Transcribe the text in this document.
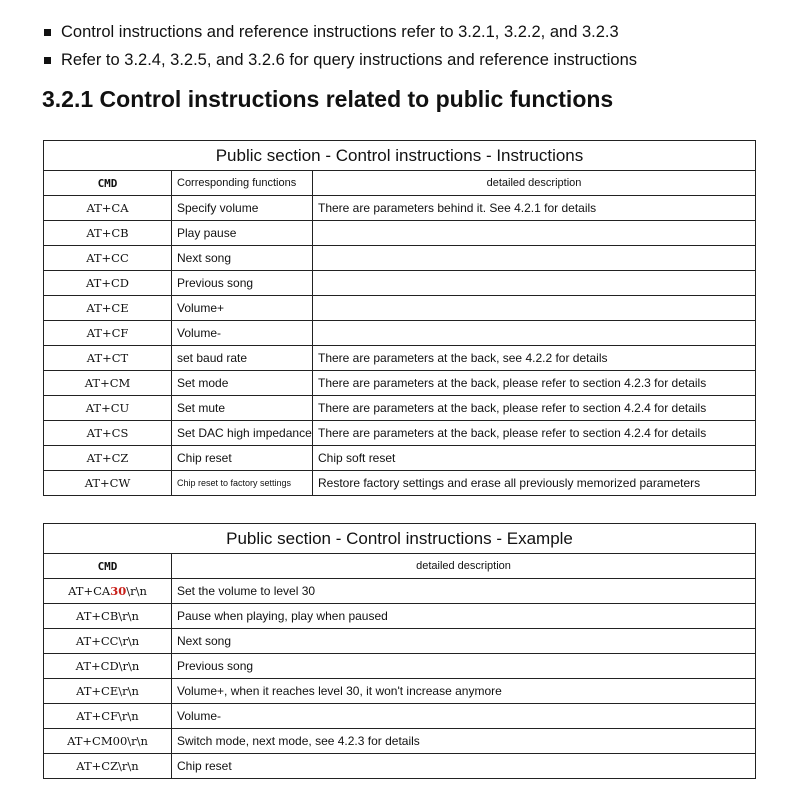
Control instructions and reference instructions refer to 3.2.1, 3.2.2, and 3.2.3
Refer to 3.2.4, 3.2.5, and 3.2.6 for query instructions and reference instructions
3.2.1 Control instructions related to public functions
Public section - Control instructions - Instructions		
CMD	Corresponding functions	detailed description
AT+CA	Specify volume	There are parameters behind it. See 4.2.1 for details
AT+CB	Play pause	
AT+CC	Next song	
AT+CD	Previous song	
AT+CE	Volume+	
AT+CF	Volume-	
AT+CT	set baud rate	There are parameters at the back, see 4.2.2 for details
AT+CM	Set mode	There are parameters at the back, please refer to section 4.2.3 for details
AT+CU	Set mute	There are parameters at the back, please refer to section 4.2.4 for details
AT+CS	Set DAC high impedance	There are parameters at the back, please refer to section 4.2.4 for details
AT+CZ	Chip reset	Chip soft reset
AT+CW	Chip reset to factory settings	Restore factory settings and erase all previously memorized parameters
Public section - Control instructions - Example	
CMD	detailed description
AT+CA30\r\n	Set the volume to level 30
AT+CB\r\n	Pause when playing, play when paused
AT+CC\r\n	Next song
AT+CD\r\n	Previous song
AT+CE\r\n	Volume+, when it reaches level 30, it won't increase anymore
AT+CF\r\n	Volume-
AT+CM00\r\n	Switch mode, next mode, see 4.2.3 for details
AT+CZ\r\n	Chip reset
